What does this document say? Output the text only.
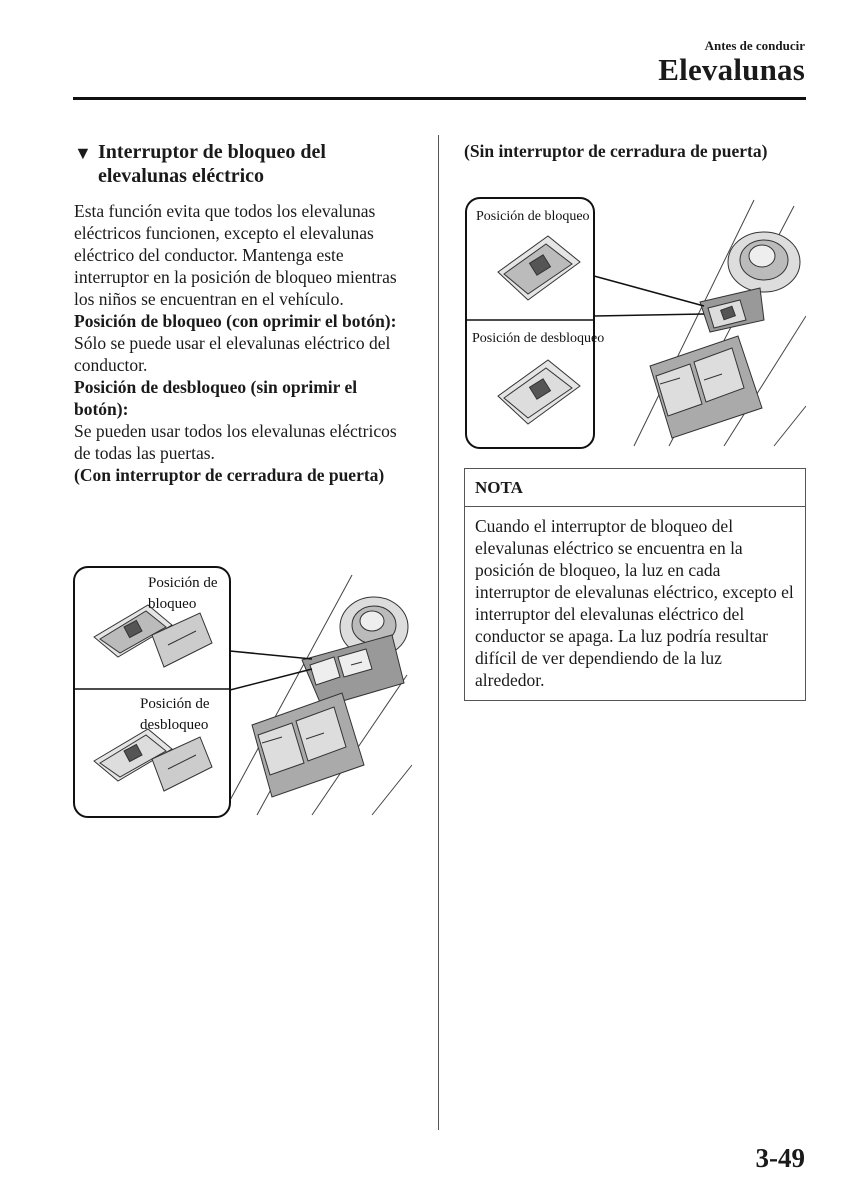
Antes de conducir
Elevalunas
▼ Interruptor de bloqueo del elevalunas eléctrico

Esta función evita que todos los elevalunas eléctricos funcionen, excepto el elevalunas eléctrico del conductor. Mantenga este interruptor en la posición de bloqueo mientras los niños se encuentran en el vehículo.

Posición de bloqueo (con oprimir el botón):

Sólo se puede usar el elevalunas eléctrico del conductor.

Posición de desbloqueo (sin oprimir el botón):

Se pueden usar todos los elevalunas eléctricos de todas las puertas.

(Con interruptor de cerradura de puerta)

Posición de
bloqueo
Posición de
desbloqueo

(Sin interruptor de cerradura de puerta)

Posición de bloqueo
Posición de desbloqueo
NOTA
Cuando el interruptor de bloqueo del elevalunas eléctrico se encuentra en la posición de bloqueo, la luz en cada interruptor de elevalunas eléctrico, excepto el interruptor del elevalunas eléctrico del conductor se apaga. La luz podría resultar difícil de ver dependiendo de la luz alrededor.
3-49
